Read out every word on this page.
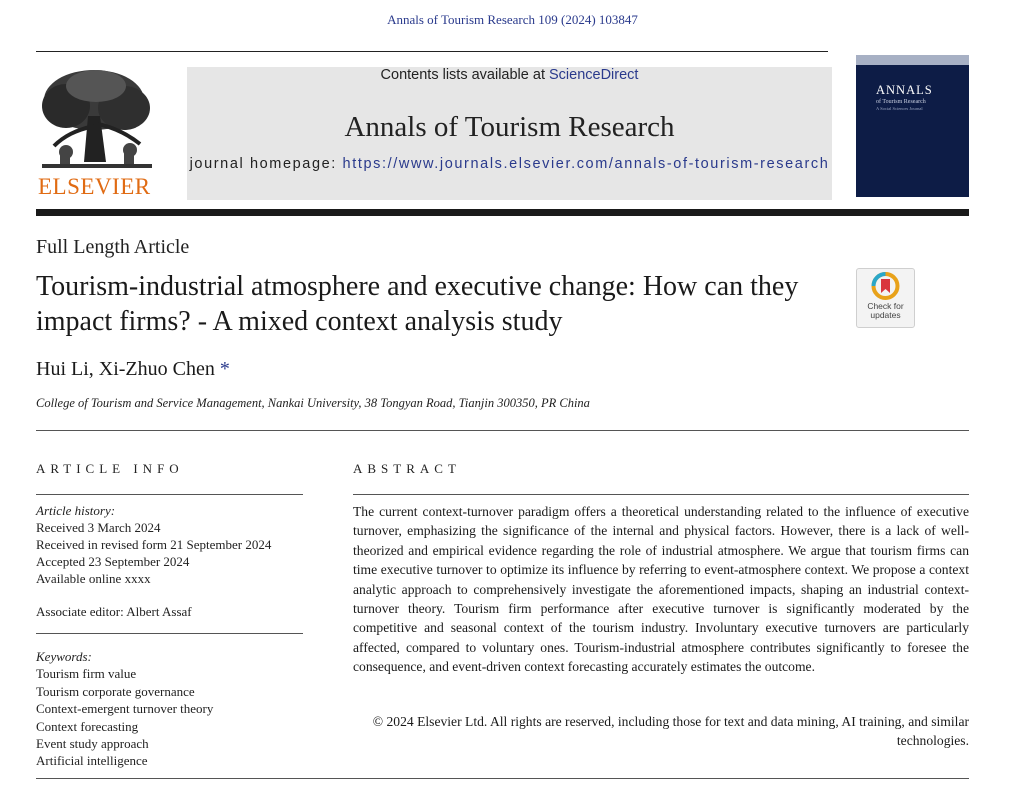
Annals of Tourism Research 109 (2024) 103847
ELSEVIER
Contents lists available at ScienceDirect
Annals of Tourism Research
journal homepage: https://www.journals.elsevier.com/annals-of-tourism-research
ANNALS
of Tourism Research
A Social Sciences Journal
Full Length Article
Tourism-industrial atmosphere and executive change: How can they impact firms? - A mixed context analysis study	Check for
updates
Hui Li, Xi-Zhuo Chen *
College of Tourism and Service Management, Nankai University, 38 Tongyan Road, Tianjin 300350, PR China
ARTICLE INFO	ABSTRACT
Article history:
Received 3 March 2024
Received in revised form 21 September 2024
Accepted 23 September 2024
Available online xxxx
Associate editor: Albert Assaf
Keywords:
Tourism firm value
Tourism corporate governance
Context-emergent turnover theory
Context forecasting
Event study approach
Artificial intelligence
The current context-turnover paradigm offers a theoretical understanding related to the influence of executive turnover, emphasizing the significance of the internal and physical factors. However, there is a lack of well-theorized and empirical evidence regarding the role of industrial atmosphere. We argue that tourism firms can time executive turnover to optimize its influence by referring to event-atmosphere context. We propose a context analytic approach to comprehensively investigate the aforementioned impacts, shaping an industrial context-turnover theory. Tourism firm performance after executive turnover is significantly moderated by the competitive and seasonal context of the tourism industry. Involuntary executive turnovers are particularly affected, compared to voluntary ones. Tourism-industrial atmosphere contributes significantly to foresee the consequence, and event-driven context forecasting accurately estimates the outcome.
© 2024 Elsevier Ltd. All rights are reserved, including those for text and data mining, AI training, and similar technologies.
